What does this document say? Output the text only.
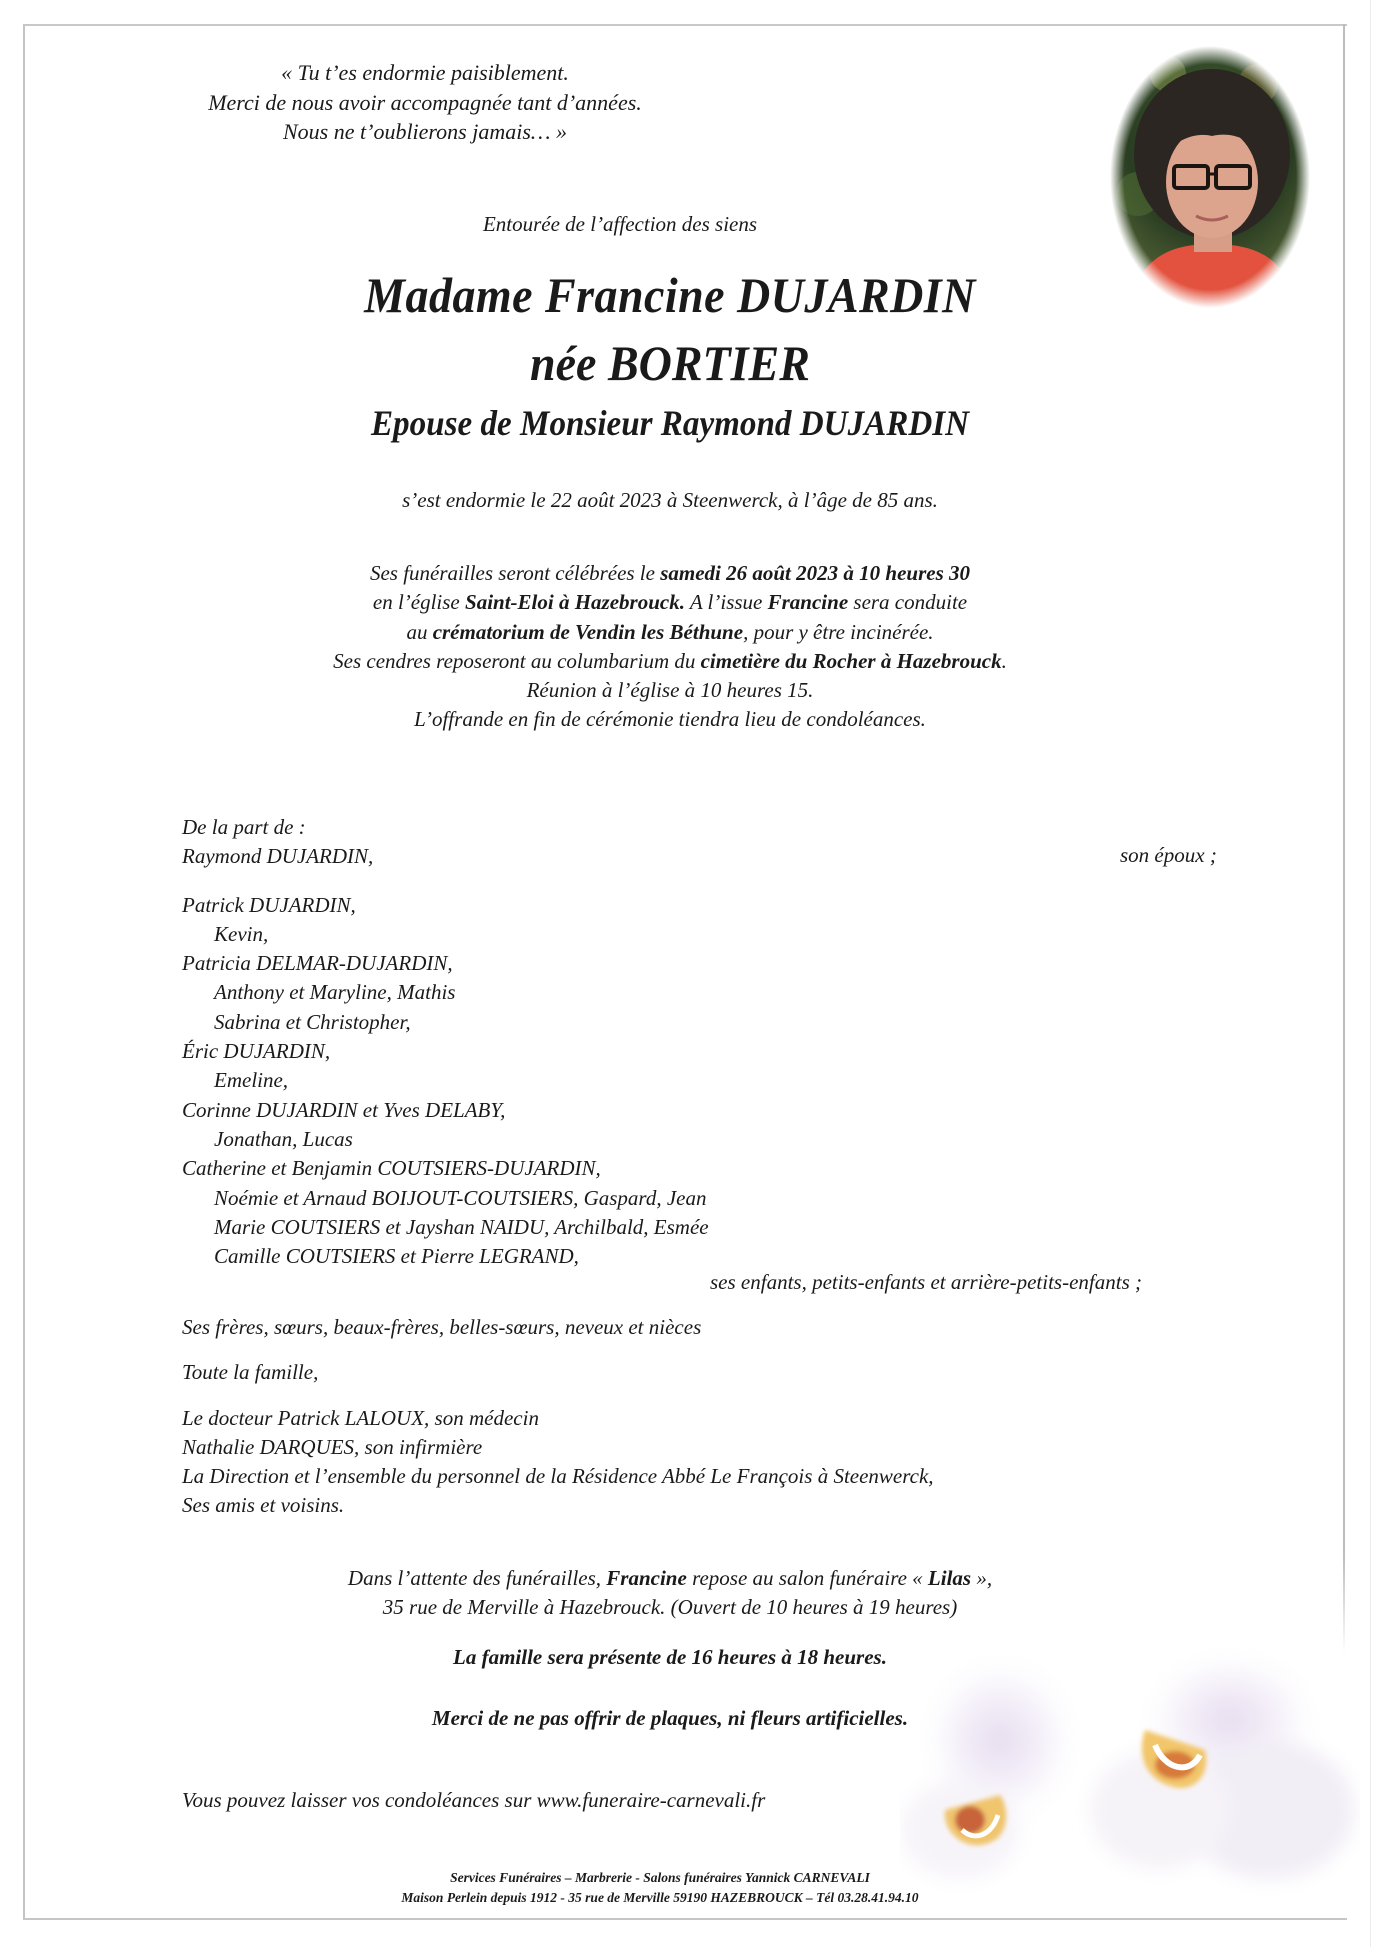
« Tu t’es endormie paisiblement.
Merci de nous avoir accompagnée tant d’années.
Nous ne t’oublierons jamais… »
Entourée de l’affection des siens
Madame Francine DUJARDIN
née BORTIER
Epouse de Monsieur Raymond DUJARDIN
s’est endormie le 22 août 2023 à Steenwerck, à l’âge de 85 ans.
Ses funérailles seront célébrées le samedi 26 août 2023 à 10 heures 30
en l’église Saint-Eloi à Hazebrouck. A l’issue Francine sera conduite
au crématorium de Vendin les Béthune, pour y être incinérée.
Ses cendres reposeront au columbarium du cimetière du Rocher à Hazebrouck.
Réunion à l’église à 10 heures 15.
L’offrande en fin de cérémonie tiendra lieu de condoléances.
De la part de :
Raymond DUJARDIN,
Patrick DUJARDIN,
Kevin,
Patricia DELMAR-DUJARDIN,
Anthony et Maryline, Mathis
Sabrina et Christopher,
Éric DUJARDIN,
Emeline,
Corinne DUJARDIN et Yves DELABY,
Jonathan, Lucas
Catherine et Benjamin COUTSIERS-DUJARDIN,
Noémie et Arnaud BOIJOUT-COUTSIERS, Gaspard, Jean
Marie COUTSIERS et Jayshan NAIDU, Archilbald, Esmée
Camille COUTSIERS et Pierre LEGRAND,
son époux ;
ses enfants, petits-enfants et arrière-petits-enfants ;
Ses frères, sœurs, beaux-frères, belles-sœurs, neveux et nièces
Toute la famille,
Le docteur Patrick LALOUX, son médecin
Nathalie DARQUES, son infirmière
La Direction et l’ensemble du personnel de la Résidence Abbé Le François à Steenwerck,
Ses amis et voisins.
Dans l’attente des funérailles, Francine repose au salon funéraire « Lilas »,
35 rue de Merville à Hazebrouck. (Ouvert de 10 heures à 19 heures)
La famille sera présente de 16 heures à 18 heures.
Merci de ne pas offrir de plaques, ni fleurs artificielles.
Vous pouvez laisser vos condoléances sur www.funeraire-carnevali.fr
Services Funéraires – Marbrerie - Salons funéraires Yannick CARNEVALI
Maison Perlein depuis 1912 - 35 rue de Merville 59190 HAZEBROUCK – Tél 03.28.41.94.10
